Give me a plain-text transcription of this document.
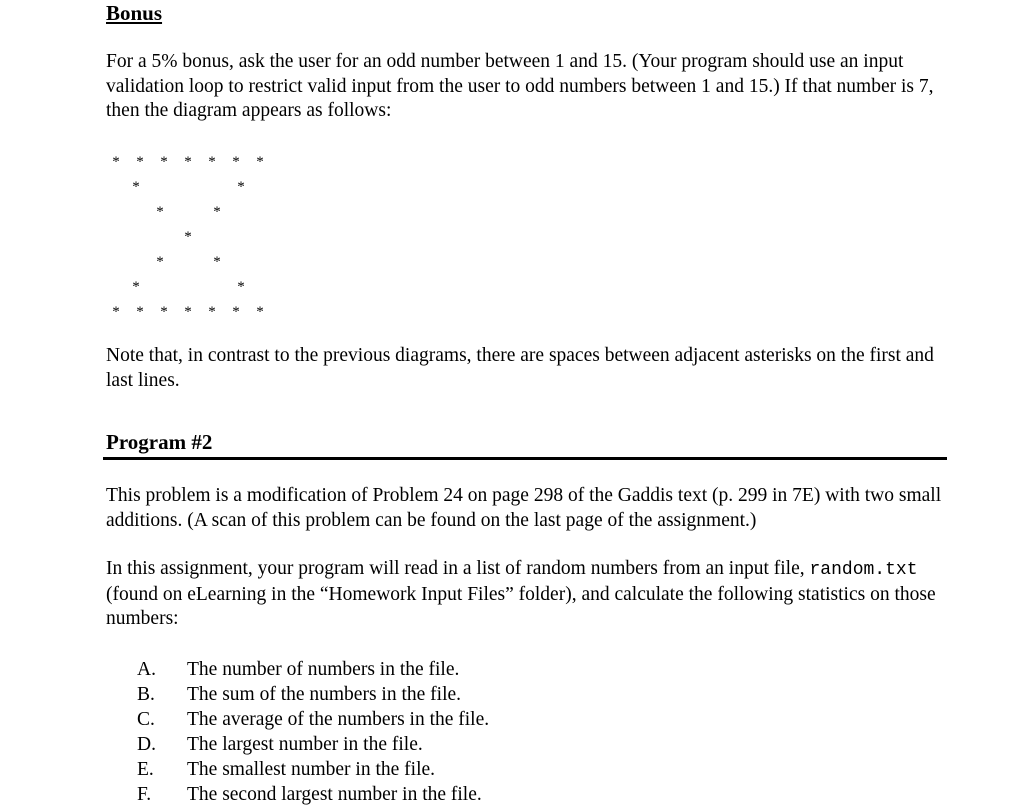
Bonus

For a 5% bonus, ask the user for an odd number between 1 and 15. (Your program should use an input validation loop to restrict valid input from the user to odd numbers between 1 and 15.) If that number is 7, then the diagram appears as follows:

* * * * * * *
*	*
*	*
*
*	*
*	*
* * * * * * *

Note that, in contrast to the previous diagrams, there are spaces between adjacent asterisks on the first and last lines.

Program #2

This problem is a modification of Problem 24 on page 298 of the Gaddis text (p. 299 in 7E) with two small additions. (A scan of this problem can be found on the last page of the assignment.)

In this assignment, your program will read in a list of random numbers from an input file, random.txt (found on eLearning in the “Homework Input Files” folder), and calculate the following statistics on those numbers:

A. The number of numbers in the file.
B. The sum of the numbers in the file.
C. The average of the numbers in the file.
D. The largest number in the file.
E. The smallest number in the file.
F. The second largest number in the file.
